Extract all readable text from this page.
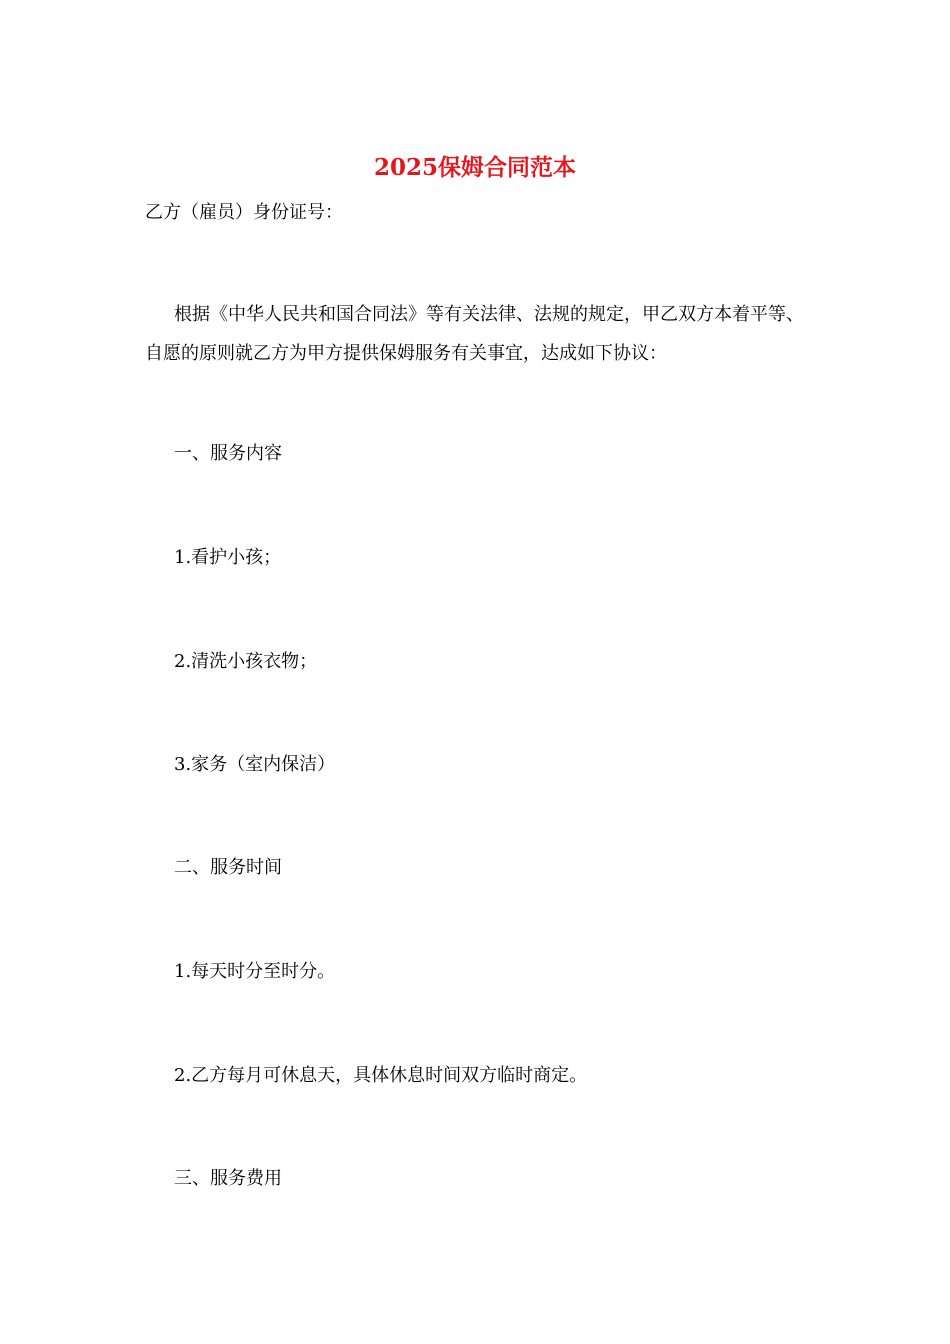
2025保姆合同范本
乙方（雇员）身份证号：
根据《中华人民共和国合同法》等有关法律、法规的规定，甲乙双方本着平等、自愿的原则就乙方为甲方提供保姆服务有关事宜，达成如下协议：
一、服务内容
1.看护小孩；
2.清洗小孩衣物；
3.家务（室内保洁）
二、服务时间
1.每天时分至时分。
2.乙方每月可休息天，具体休息时间双方临时商定。
三、服务费用
